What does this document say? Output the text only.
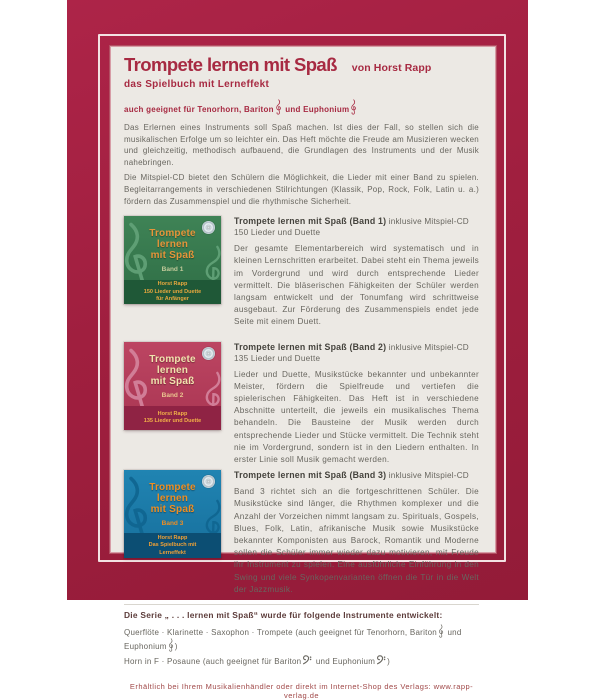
Trompete lernen mit Spaß von Horst Rapp
das Spielbuch mit Lerneffekt
auch geeignet für Tenorhorn, Bariton
und Euphonium

Das Erlernen eines Instruments soll Spaß machen. Ist dies der Fall, so stellen sich die musikalischen Erfolge um so leichter ein. Das Heft möchte die Freude am Musizieren wecken und gleichzeitig, methodisch aufbauend, die Grundlagen des Instruments und der Musik nahebringen.

Die Mitspiel-CD bietet den Schülern die Möglichkeit, die Lieder mit einer Band zu spielen. Begleitarrangements in verschiedenen Stilrichtungen (Klassik, Pop, Rock, Folk, Latin u. a.) fördern das Zusammenspiel und die rhythmische Sicherheit.

Trompete
lernen
mit Spaß
Band 1
Horst Rapp
150 Lieder und Duette
für Anfänger
Trompete lernen mit Spaß (Band 1) inklusive Mitspiel-CD
150 Lieder und Duette

Der gesamte Elementarbereich wird systematisch und in kleinen Lernschritten erarbeitet. Dabei steht ein Thema jeweils im Vordergrund und wird durch entsprechende Lieder vermittelt. Die bläserischen Fähigkeiten der Schüler werden langsam entwickelt und der Tonumfang wird schrittweise ausgebaut. Zur Förderung des Zusammenspiels endet jede Seite mit einem Duett.

Trompete
lernen
mit Spaß
Band 2
Horst Rapp
135 Lieder und Duette
Trompete lernen mit Spaß (Band 2) inklusive Mitspiel-CD
135 Lieder und Duette

Lieder und Duette, Musikstücke bekannter und unbekannter Meister, fördern die Spielfreude und vertiefen die spielerischen Fähigkeiten. Das Heft ist in verschiedene Abschnitte unterteilt, die jeweils ein musikalisches Thema behandeln. Die Bausteine der Musik werden durch entsprechende Lieder und Stücke vermittelt. Die Technik steht nie im Vordergrund, sondern ist in den Liedern enthalten. In erster Linie soll Musik gemacht werden.

Trompete
lernen
mit Spaß
Band 3
Horst Rapp
Das Spielbuch mit
Lerneffekt
Trompete lernen mit Spaß (Band 3) inklusive Mitspiel-CD

Band 3 richtet sich an die fortgeschrittenen Schüler. Die Musikstücke sind länger, die Rhythmen komplexer und die Anzahl der Vorzeichen nimmt langsam zu. Spirituals, Gospels, Blues, Folk, Latin, afrikanische Musik sowie Musikstücke bekannter Komponisten aus Barock, Romantik und Moderne sollen die Schüler immer wieder dazu motivieren, mit Freude ihr Instrument zu spielen. Eine ausführliche Einführung in den Swing und viele Synkopenvarianten öffnen die Tür in die Welt der Jazzmusik.

Die Serie „ . . . lernen mit Spaß“ wurde für folgende Instrumente entwickelt:
Querflöte · Klarinette · Saxophon · Trompete (auch geeignet für Tenorhorn, Bariton
und Euphonium )
Horn in F · Posaune (auch geeignet für Bariton
und Euphonium )
Erhältlich bei Ihrem Musikalienhändler oder direkt im Internet-Shop des Verlags: www.rapp-verlag.de
